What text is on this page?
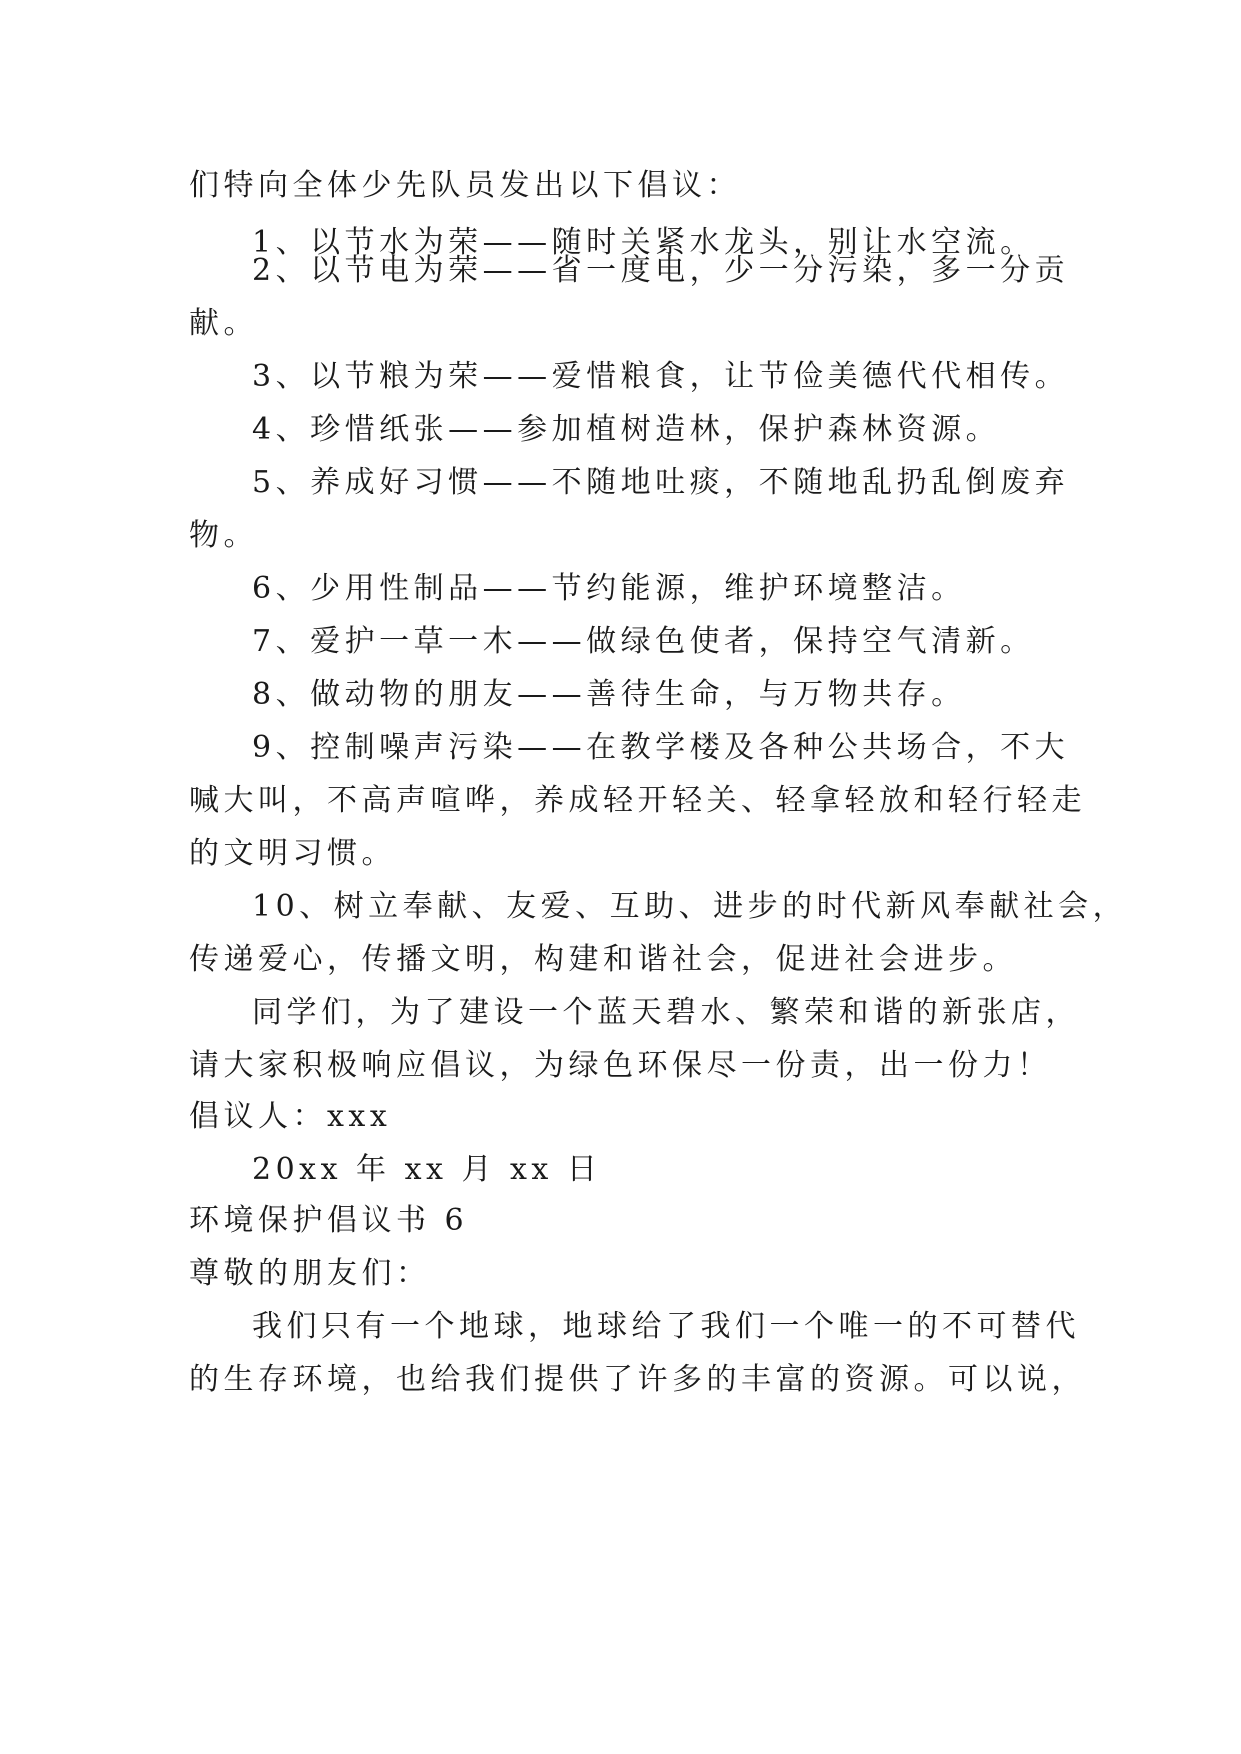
们特向全体少先队员发出以下倡议：
1、以节水为荣——随时关紧水龙头，别让水空流。
2、以节电为荣——省一度电，少一分污染，多一分贡
献。
3、以节粮为荣——爱惜粮食，让节俭美德代代相传。
4、珍惜纸张——参加植树造林，保护森林资源。
5、养成好习惯——不随地吐痰，不随地乱扔乱倒废弃
物。
6、少用性制品——节约能源，维护环境整洁。
7、爱护一草一木——做绿色使者，保持空气清新。
8、做动物的朋友——善待生命，与万物共存。
9、控制噪声污染——在教学楼及各种公共场合，不大
喊大叫，不高声喧哗，养成轻开轻关、轻拿轻放和轻行轻走
的文明习惯。
10、树立奉献、友爱、互助、进步的时代新风奉献社会，
传递爱心，传播文明，构建和谐社会，促进社会进步。
同学们，为了建设一个蓝天碧水、繁荣和谐的新张店，
请大家积极响应倡议，为绿色环保尽一份责，出一份力！
倡议人：xxx
20xx 年 xx 月 xx 日
环境保护倡议书 6
尊敬的朋友们：
我们只有一个地球，地球给了我们一个唯一的不可替代
的生存环境，也给我们提供了许多的丰富的资源。可以说，
